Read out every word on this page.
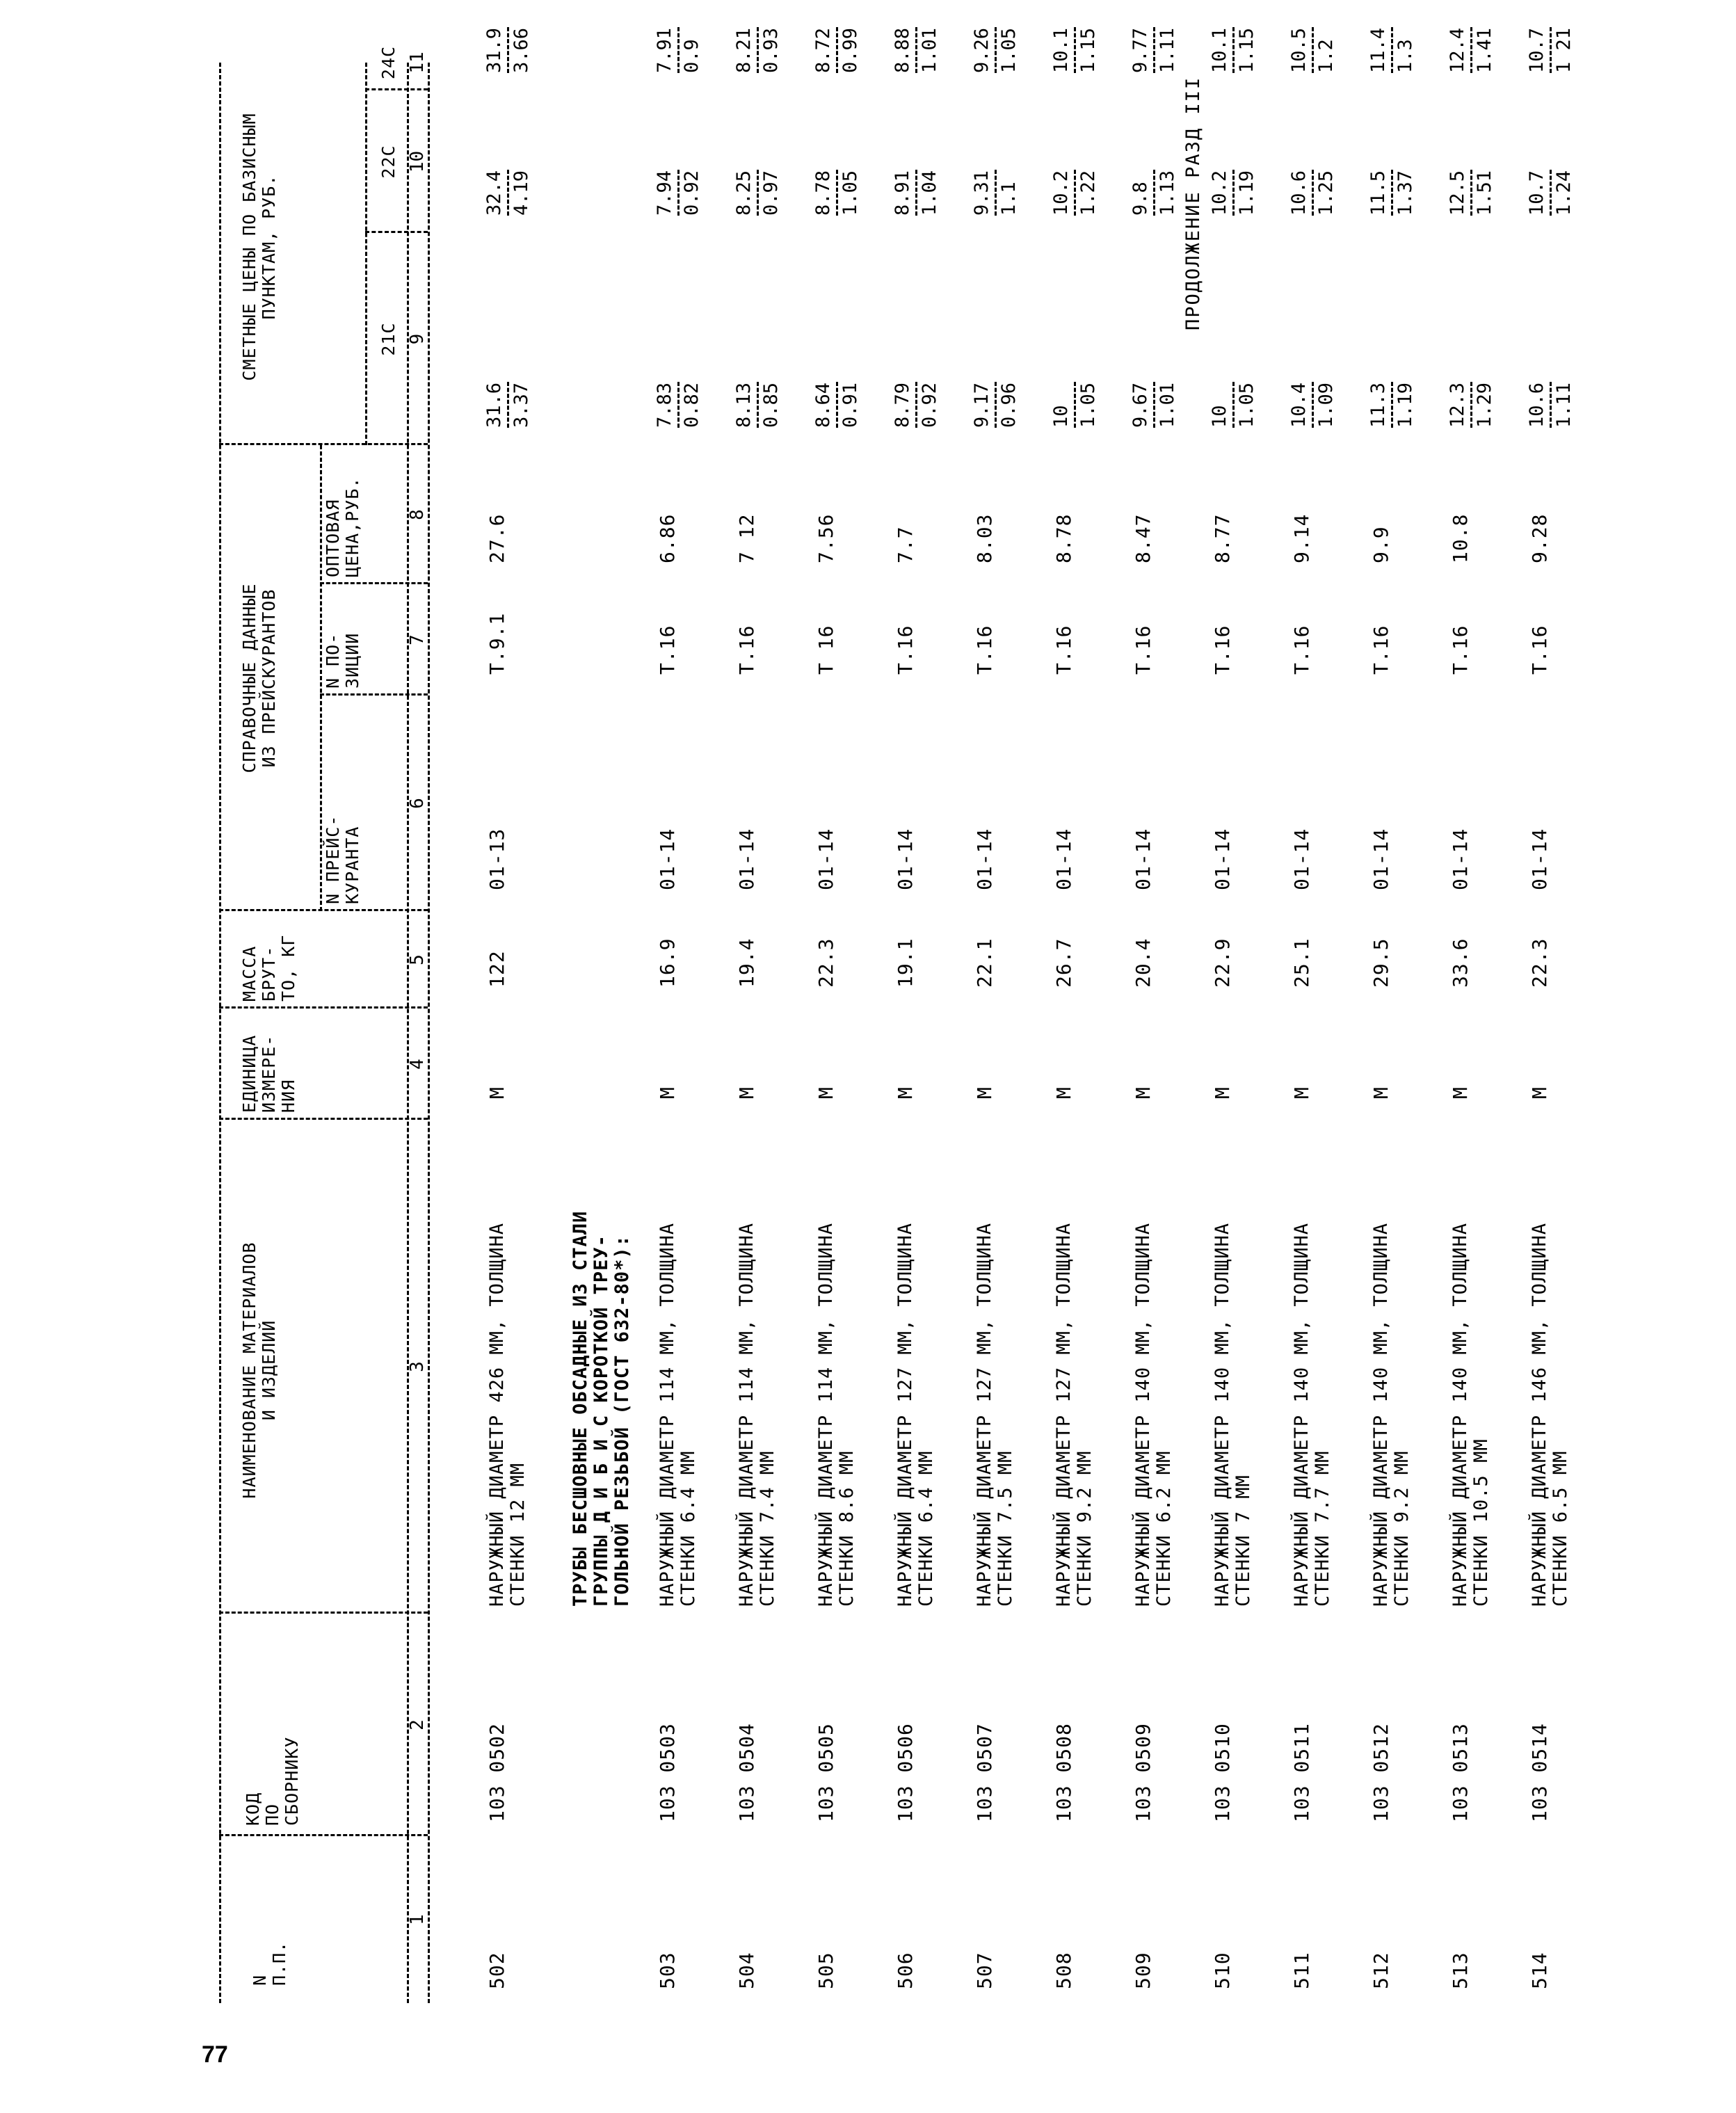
77
ПРОДОЛЖЕНИЕ РАЗД III
N
П.П.
КОД
ПО
СБОРНИКУ
НАИМЕНОВАНИЕ МАТЕРИАЛОВ
И ИЗДЕЛИЙ
ЕДИНИЦА
ИЗМЕРЕ-
НИЯ
МАССА
БРУТ-
ТО, КГ
СПРАВОЧНЫЕ ДАННЫЕ
ИЗ ПРЕЙСКУРАНТОВ
N ПРЕЙС-
КУРАНТА
N ПО-
ЗИЦИИ
ОПТОВАЯ
ЦЕНА,РУБ.
СМЕТНЫЕ ЦЕНЫ ПО БАЗИСНЫМ
ПУНКТАМ, РУБ.
21С
22С
24С
1
2
3
4
5
6
7
8
9
10
11
ТРУБЫ БЕСШОВНЫЕ ОБСАДНЫЕ ИЗ СТАЛИ
ГРУППЫ Д И Б И С КОРОТКОЙ ТРЕУ-
ГОЛЬНОЙ РЕЗЬБОЙ (ГОСТ 632-80*):
502
103 0502
НАРУЖНЫЙ ДИАМЕТР 426 ММ, ТОЛЩИНА
СТЕНКИ 12 ММ
М
122
01-13
Т.9.1
27.6
31.6 3.37
32.4 4.19
31.9 3.66
503
103 0503
НАРУЖНЫЙ ДИАМЕТР 114 ММ, ТОЛЩИНА
СТЕНКИ 6.4 ММ
М
16.9
01-14
Т.16
6.86
7.83 0.82
7.94 0.92
7.91 0.9
504
103 0504
НАРУЖНЫЙ ДИАМЕТР 114 ММ, ТОЛЩИНА
СТЕНКИ 7.4 ММ
М
19.4
01-14
Т.16
7 12
8.13 0.85
8.25 0.97
8.21 0.93
505
103 0505
НАРУЖНЫЙ ДИАМЕТР 114 ММ, ТОЛЩИНА
СТЕНКИ 8.6 ММ
М
22.3
01-14
Т 16
7.56
8.64 0.91
8.78 1.05
8.72 0.99
506
103 0506
НАРУЖНЫЙ ДИАМЕТР 127 ММ, ТОЛЩИНА
СТЕНКИ 6.4 ММ
М
19.1
01-14
Т.16
7.7
8.79 0.92
8.91 1.04
8.88 1.01
507
103 0507
НАРУЖНЫЙ ДИАМЕТР 127 ММ, ТОЛЩИНА
СТЕНКИ 7.5 ММ
М
22.1
01-14
Т.16
8.03
9.17 0.96
9.31 1.1
9.26 1.05
508
103 0508
НАРУЖНЫЙ ДИАМЕТР 127 ММ, ТОЛЩИНА
СТЕНКИ 9.2 ММ
М
26.7
01-14
Т.16
8.78
10 1.05
10.2 1.22
10.1 1.15
509
103 0509
НАРУЖНЫЙ ДИАМЕТР 140 ММ, ТОЛЩИНА
СТЕНКИ 6.2 ММ
М
20.4
01-14
Т.16
8.47
9.67 1.01
9.8 1.13
9.77 1.11
510
103 0510
НАРУЖНЫЙ ДИАМЕТР 140 ММ, ТОЛЩИНА
СТЕНКИ 7 ММ
М
22.9
01-14
Т.16
8.77
10 1.05
10.2 1.19
10.1 1.15
511
103 0511
НАРУЖНЫЙ ДИАМЕТР 140 ММ, ТОЛЩИНА
СТЕНКИ 7.7 ММ
М
25.1
01-14
Т.16
9.14
10.4 1.09
10.6 1.25
10.5 1.2
512
103 0512
НАРУЖНЫЙ ДИАМЕТР 140 ММ, ТОЛЩИНА
СТЕНКИ 9.2 ММ
М
29.5
01-14
Т.16
9.9
11.3 1.19
11.5 1.37
11.4 1.3
513
103 0513
НАРУЖНЫЙ ДИАМЕТР 140 ММ, ТОЛЩИНА
СТЕНКИ 10.5 ММ
М
33.6
01-14
Т.16
10.8
12.3 1.29
12.5 1.51
12.4 1.41
514
103 0514
НАРУЖНЫЙ ДИАМЕТР 146 ММ, ТОЛЩИНА
СТЕНКИ 6.5 ММ
М
22.3
01-14
Т.16
9.28
10.6 1.11
10.7 1.24
10.7 1 21
